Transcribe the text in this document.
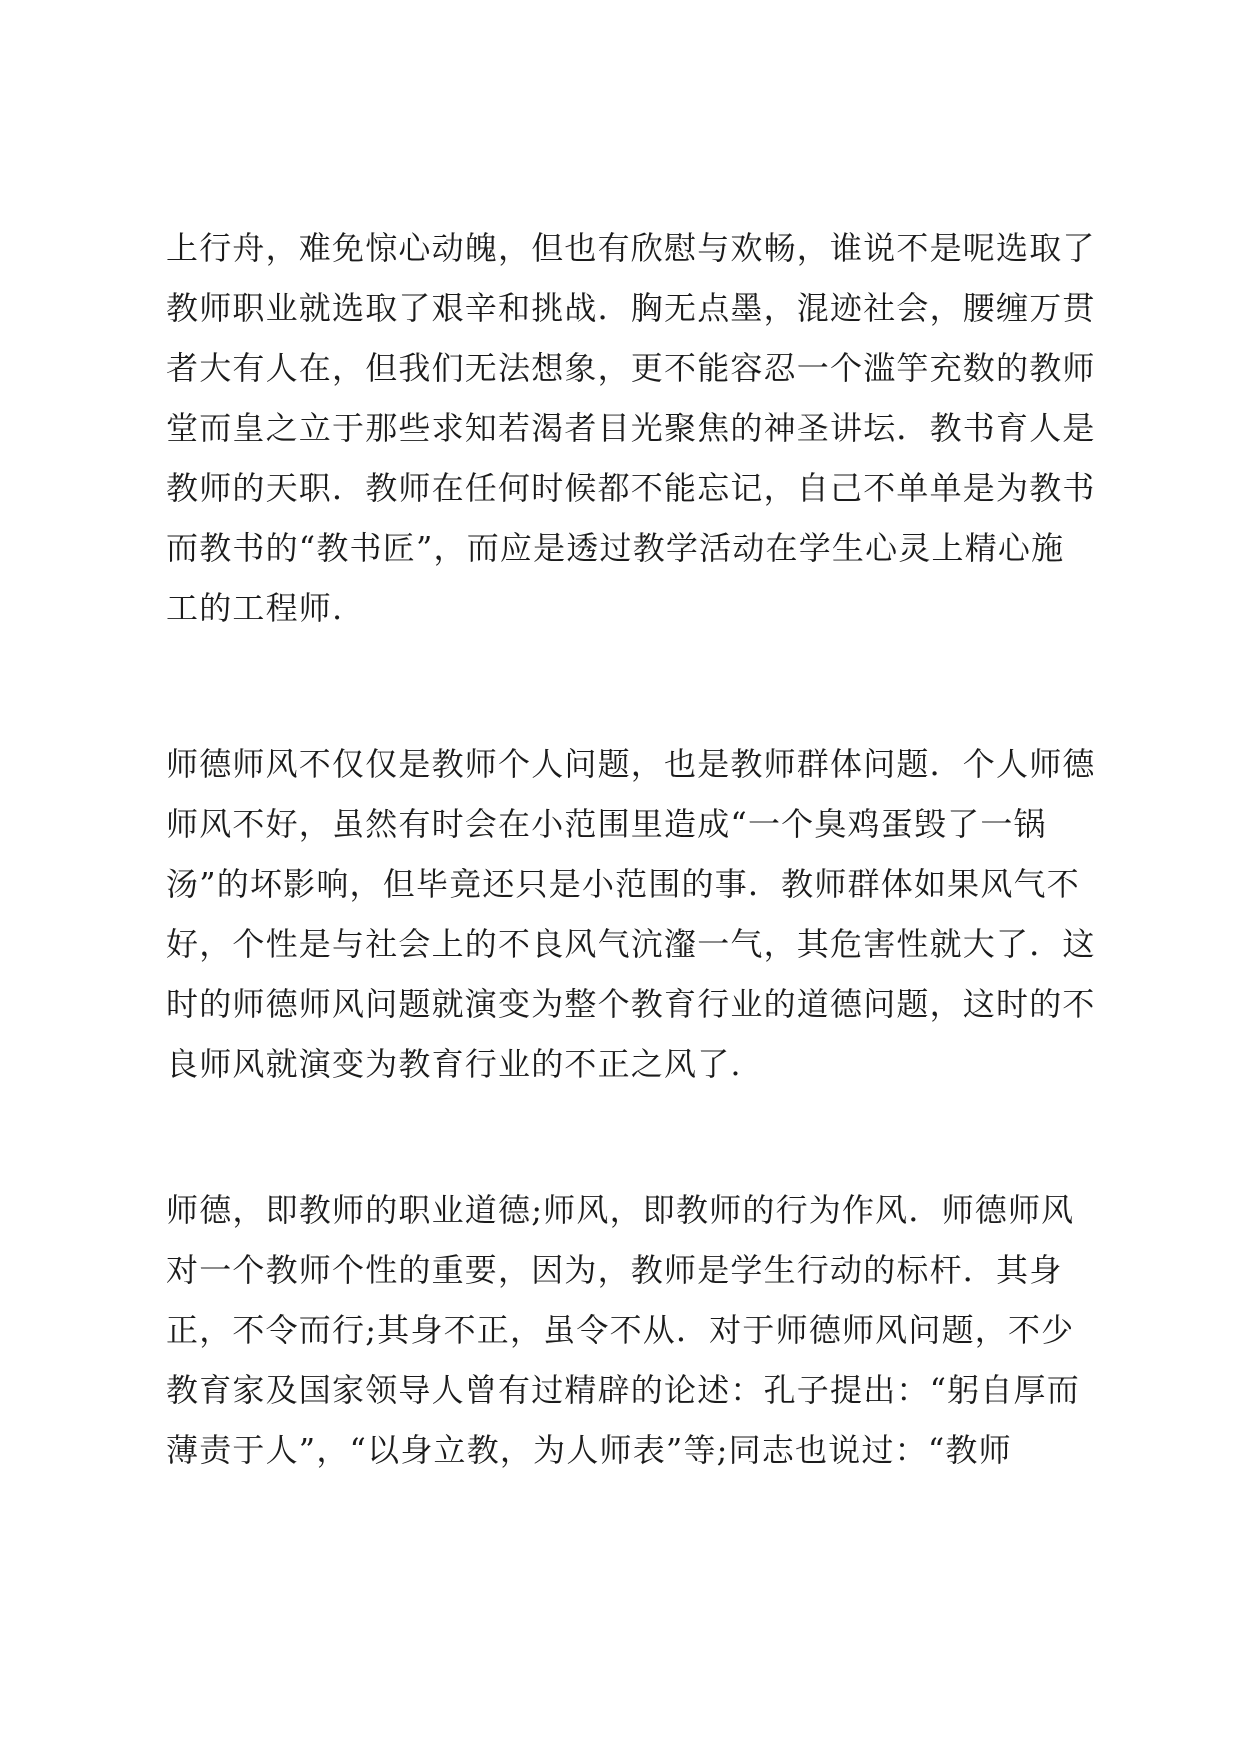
上行舟，难免惊心动魄，但也有欣慰与欢畅，谁说不是呢选取了
教师职业就选取了艰辛和挑战．胸无点墨，混迹社会，腰缠万贯
者大有人在，但我们无法想象，更不能容忍一个滥竽充数的教师
堂而皇之立于那些求知若渴者目光聚焦的神圣讲坛．教书育人是
教师的天职．教师在任何时候都不能忘记，自己不单单是为教书
而教书的“教书匠”，而应是透过教学活动在学生心灵上精心施
工的工程师.
师德师风不仅仅是教师个人问题，也是教师群体问题．个人师德
师风不好，虽然有时会在小范围里造成“一个臭鸡蛋毁了一锅
汤”的坏影响，但毕竟还只是小范围的事．教师群体如果风气不
好，个性是与社会上的不良风气沆瀣一气，其危害性就大了．这
时的师德师风问题就演变为整个教育行业的道德问题，这时的不
良师风就演变为教育行业的不正之风了.
师德，即教师的职业道德;师风，即教师的行为作风．师德师风
对一个教师个性的重要，因为，教师是学生行动的标杆．其身
正，不令而行;其身不正，虽令不从．对于师德师风问题，不少
教育家及国家领导人曾有过精辟的论述：孔子提出：“躬自厚而
薄责于人”，“以身立教，为人师表”等;同志也说过：“教师
